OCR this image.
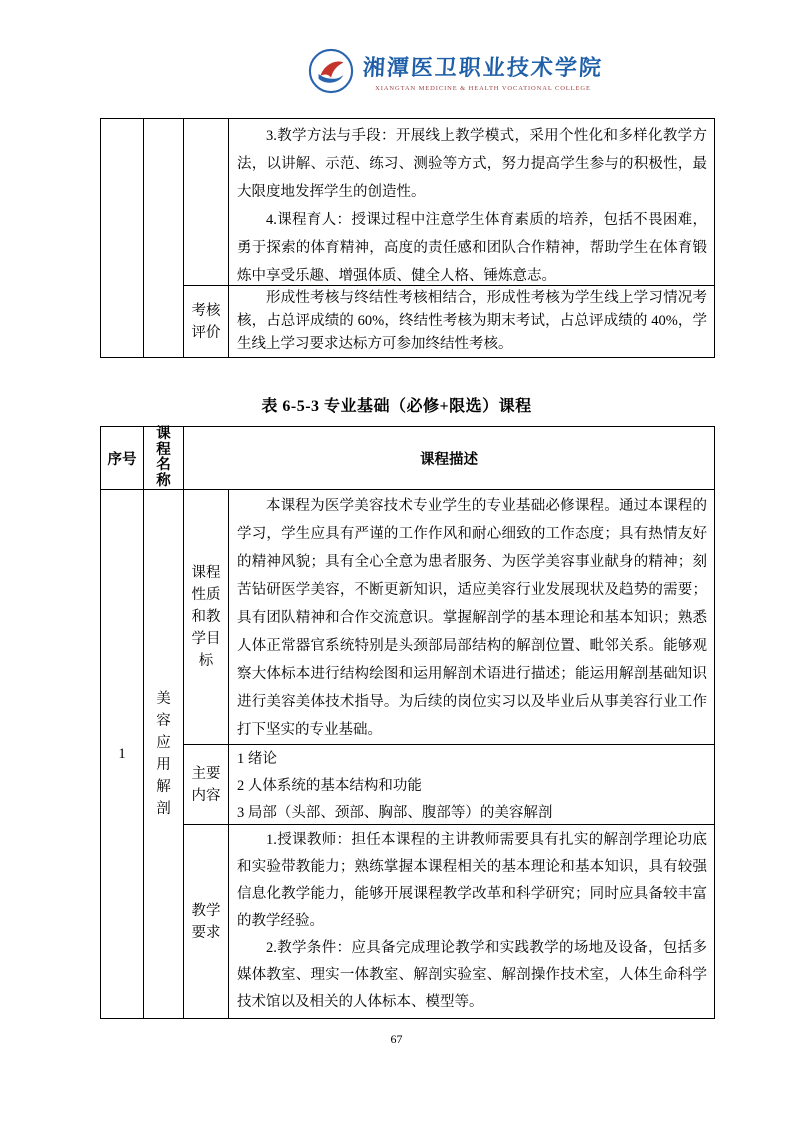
湘潭医卫职业技术学院
XIANGTAN MEDICINE & HEALTH VOCATIONAL COLLEGE

3.教学方法与手段：开展线上教学模式，采用个性化和多样化教学方法，以讲解、示范、练习、测验等方式，努力提高学生参与的积极性，最大限度地发挥学生的创造性。

4.课程育人：授课过程中注意学生体育素质的培养，包括不畏困难，勇于探索的体育精神，高度的责任感和团队合作精神，帮助学生在体育锻炼中享受乐趣、增强体质、健全人格、锤炼意志。

考核评价

形成性考核与终结性考核相结合，形成性考核为学生线上学习情况考核，占总评成绩的 60%，终结性考核为期末考试，占总评成绩的 40%，学生线上学习要求达标方可参加终结性考核。

表 6-5-3 专业基础（必修+限选）课程
序号
课程名称
课程描述
1
美容应用解剖
课程性质和教学目标

本课程为医学美容技术专业学生的专业基础必修课程。通过本课程的学习，学生应具有严谨的工作作风和耐心细致的工作态度；具有热情友好的精神风貌；具有全心全意为患者服务、为医学美容事业献身的精神；刻苦钻研医学美容，不断更新知识，适应美容行业发展现状及趋势的需要；具有团队精神和合作交流意识。掌握解剖学的基本理论和基本知识；熟悉人体正常器官系统特别是头颈部局部结构的解剖位置、毗邻关系。能够观察大体标本进行结构绘图和运用解剖术语进行描述；能运用解剖基础知识进行美容美体技术指导。为后续的岗位实习以及毕业后从事美容行业工作打下坚实的专业基础。

主要内容
1 绪论
2 人体系统的基本结构和功能
3 局部（头部、颈部、胸部、腹部等）的美容解剖
教学要求

1.授课教师：担任本课程的主讲教师需要具有扎实的解剖学理论功底和实验带教能力；熟练掌握本课程相关的基本理论和基本知识，具有较强信息化教学能力，能够开展课程教学改革和科学研究；同时应具备较丰富的教学经验。

2.教学条件：应具备完成理论教学和实践教学的场地及设备，包括多媒体教室、理实一体教室、解剖实验室、解剖操作技术室，人体生命科学技术馆以及相关的人体标本、模型等。

67
